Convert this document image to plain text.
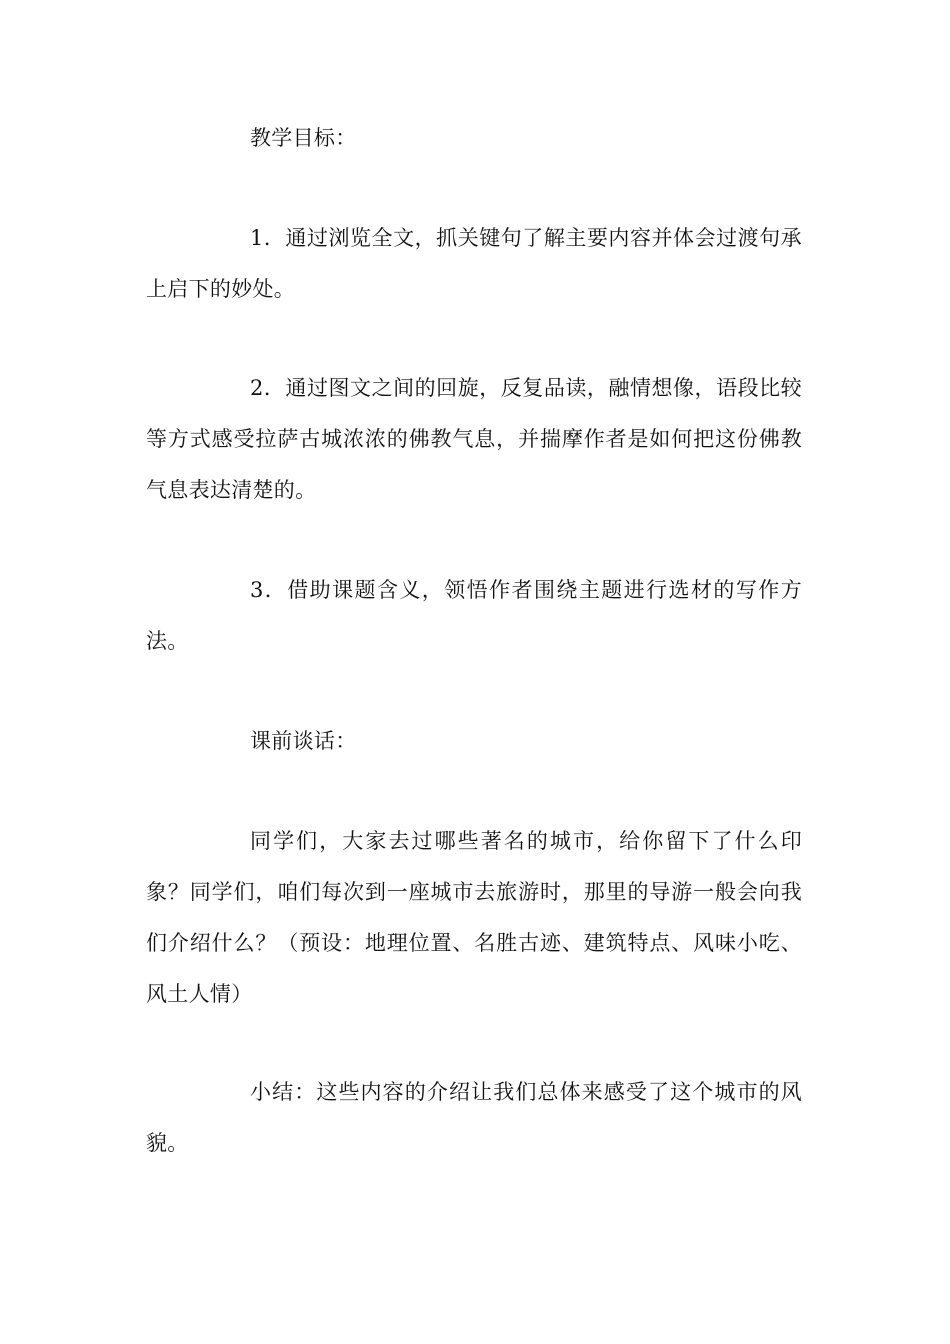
教学目标：

1．通过浏览全文，抓关键句了解主要内容并体会过渡句承上启下的妙处。

2．通过图文之间的回旋，反复品读，融情想像，语段比较等方式感受拉萨古城浓浓的佛教气息，并揣摩作者是如何把这份佛教气息表达清楚的。

3．借助课题含义，领悟作者围绕主题进行选材的写作方法。

课前谈话：

同学们，大家去过哪些著名的城市，给你留下了什么印象？同学们，咱们每次到一座城市去旅游时，那里的导游一般会向我们介绍什么？（预设：地理位置、名胜古迹、建筑特点、风味小吃、风土人情）

小结：这些内容的介绍让我们总体来感受了这个城市的风貌。
